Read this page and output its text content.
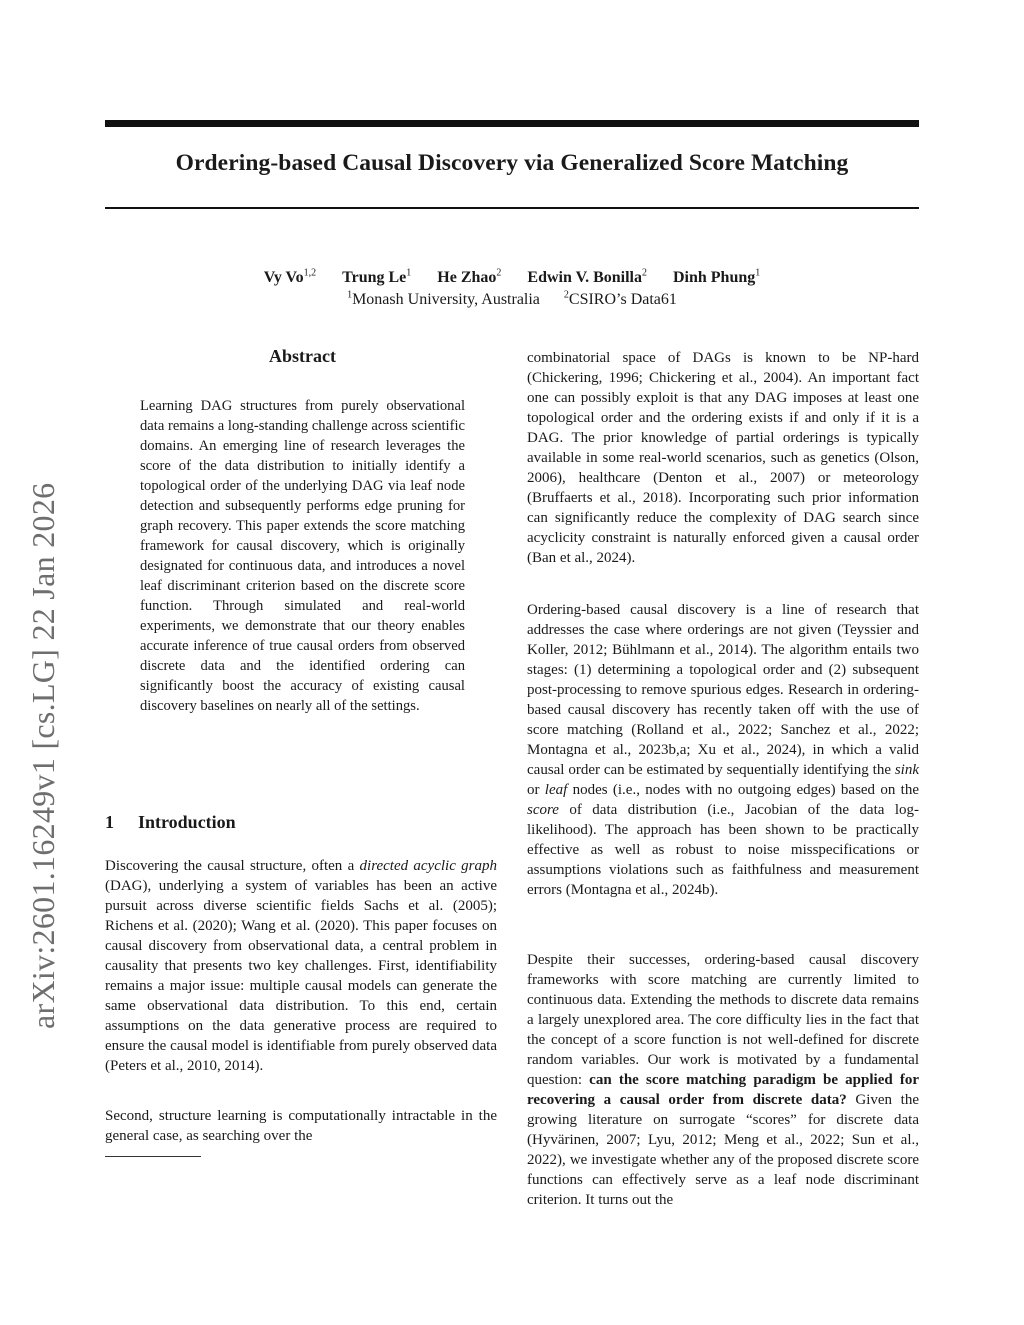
Ordering-based Causal Discovery via Generalized Score Matching
Vy Vo$^{1,2}$ Trung Le$^1$ He Zhao$^2$ Edwin V. Bonilla$^2$ Dinh Phung$^1$
$^1$Monash University, Australia $^2$CSIRO’s Data61
arXiv:2601.16249v1 [cs.LG] 22 Jan 2026
Abstract

Learning DAG structures from purely observational data remains a long-standing challenge across scientific domains. An emerging line of research leverages the score of the data distribution to initially identify a topological order of the underlying DAG via leaf node detection and subsequently performs edge pruning for graph recovery. This paper extends the score matching framework for causal discovery, which is originally designated for continuous data, and introduces a novel leaf discriminant criterion based on the discrete score function. Through simulated and real-world experiments, we demonstrate that our theory enables accurate inference of true causal orders from observed discrete data and the identified ordering can significantly boost the accuracy of existing causal discovery baselines on nearly all of the settings.

1 Introduction

Discovering the causal structure, often a directed acyclic graph (DAG), underlying a system of variables has been an active pursuit across diverse scientific fields Sachs et al. (2005); Richens et al. (2020); Wang et al. (2020). This paper focuses on causal discovery from observational data, a central problem in causality that presents two key challenges. First, identifiability remains a major issue: multiple causal models can generate the same observational data distribution. To this end, certain assumptions on the data generative process are required to ensure the causal model is identifiable from purely observed data (Peters et al., 2010, 2014).

Second, structure learning is computationally intractable in the general case, as searching over the

combinatorial space of DAGs is known to be NP-hard (Chickering, 1996; Chickering et al., 2004). An important fact one can possibly exploit is that any DAG imposes at least one topological order and the ordering exists if and only if it is a DAG. The prior knowledge of partial orderings is typically available in some real-world scenarios, such as genetics (Olson, 2006), healthcare (Denton et al., 2007) or meteorology (Bruffaerts et al., 2018). Incorporating such prior information can significantly reduce the complexity of DAG search since acyclicity constraint is naturally enforced given a causal order (Ban et al., 2024).

Ordering-based causal discovery is a line of research that addresses the case where orderings are not given (Teyssier and Koller, 2012; Bühlmann et al., 2014). The algorithm entails two stages: (1) determining a topological order and (2) subsequent post-processing to remove spurious edges. Research in ordering-based causal discovery has recently taken off with the use of score matching (Rolland et al., 2022; Sanchez et al., 2022; Montagna et al., 2023b,a; Xu et al., 2024), in which a valid causal order can be estimated by sequentially identifying the sink or leaf nodes (i.e., nodes with no outgoing edges) based on the score of data distribution (i.e., Jacobian of the data log-likelihood). The approach has been shown to be practically effective as well as robust to noise misspecifications or assumptions violations such as faithfulness and measurement errors (Montagna et al., 2024b).

Despite their successes, ordering-based causal discovery frameworks with score matching are currently limited to continuous data. Extending the methods to discrete data remains a largely unexplored area. The core difficulty lies in the fact that the concept of a score function is not well-defined for discrete random variables. Our work is motivated by a fundamental question: can the score matching paradigm be applied for recovering a causal order from discrete data? Given the growing literature on surrogate “scores” for discrete data (Hyvärinen, 2007; Lyu, 2012; Meng et al., 2022; Sun et al., 2022), we investigate whether any of the proposed discrete score functions can effectively serve as a leaf node discriminant criterion. It turns out the
